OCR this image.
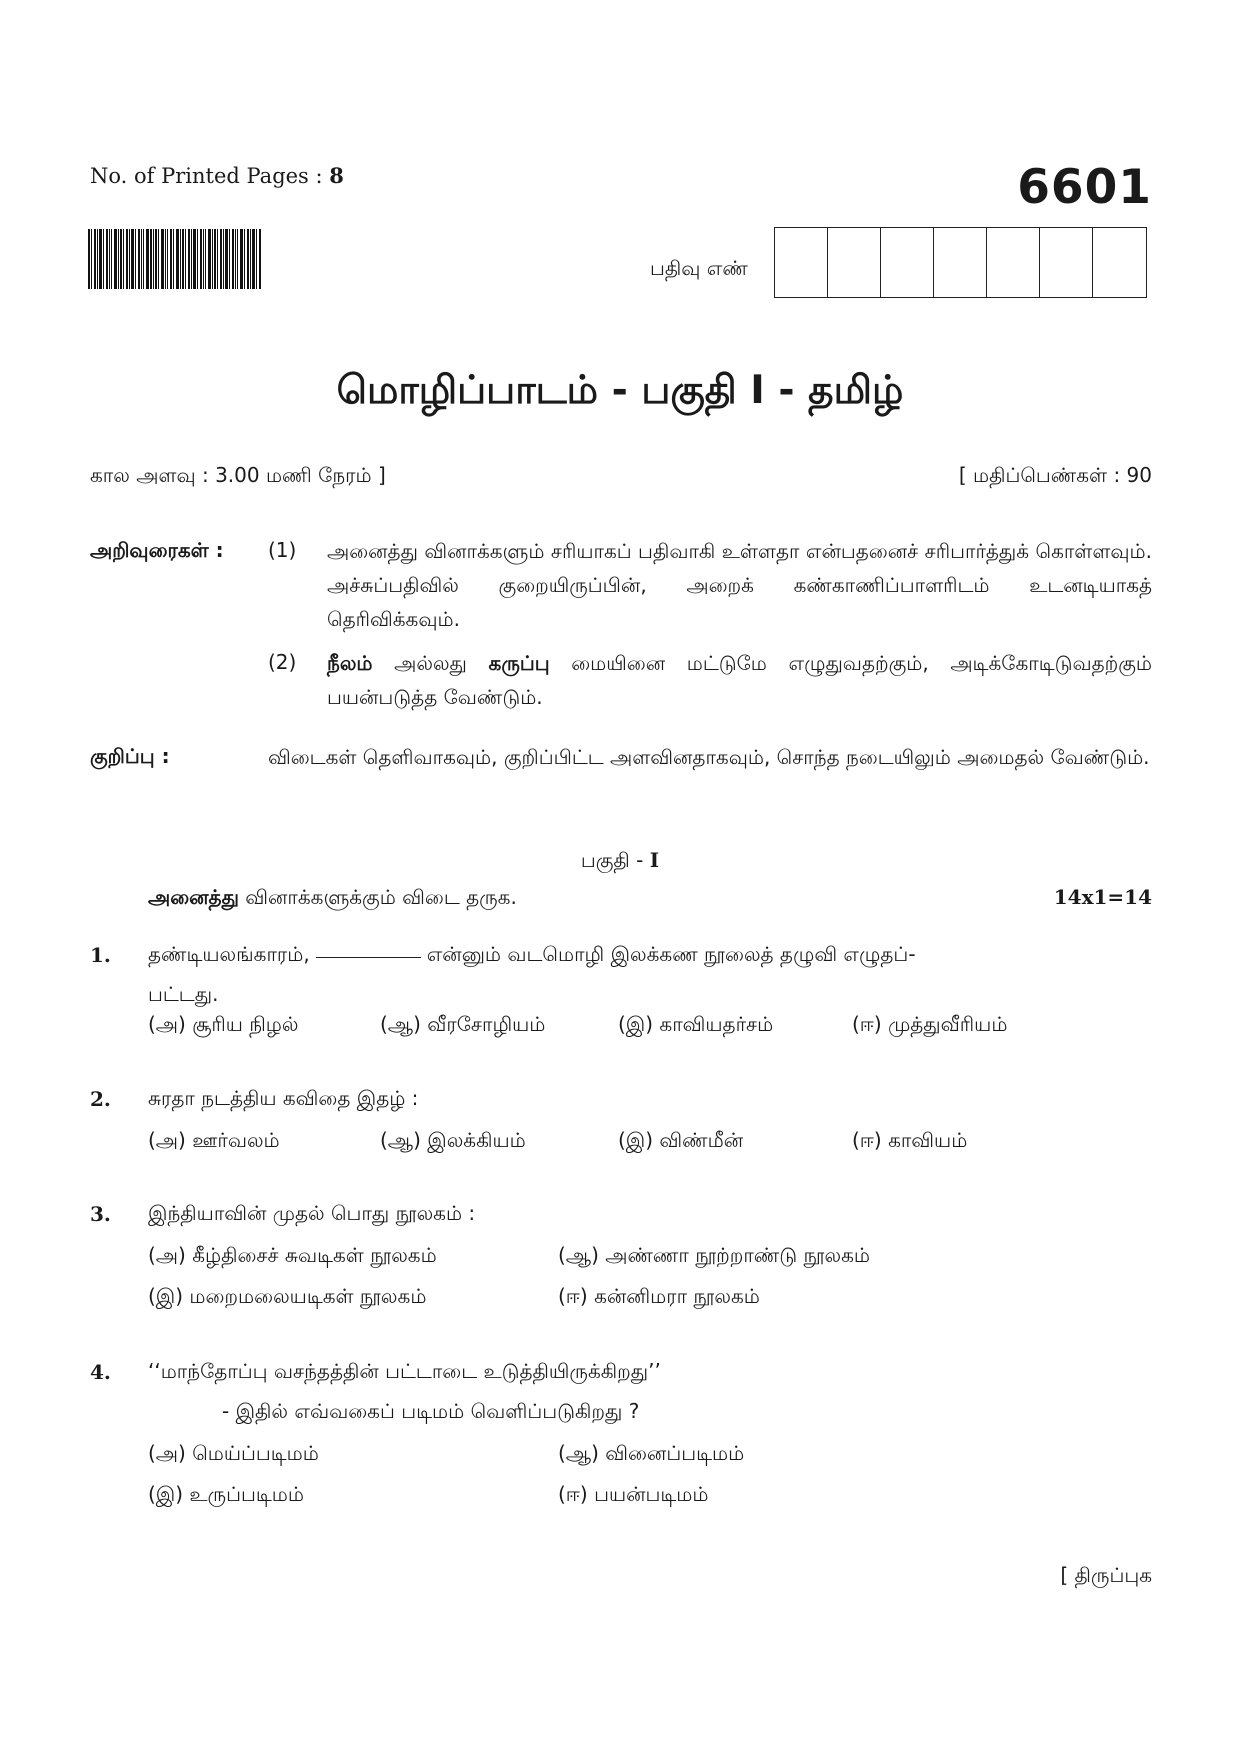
No. of Printed Pages : 8	6601
பதிவு எண்
மொழிப்பாடம் - பகுதி I - தமிழ்
கால அளவு : 3.00 மணி நேரம் ]	[ மதிப்பெண்கள் : 90
அறிவுரைகள் : (1) அனைத்து வினாக்களும் சரியாகப் பதிவாகி உள்ளதா என்பதனைச் சரிபார்த்துக் கொள்ளவும். அச்சுப்பதிவில் குறையிருப்பின், அறைக் கண்காணிப்பாளரிடம் உடனடியாகத் தெரிவிக்கவும்.
(2) நீலம் அல்லது கருப்பு மையினை மட்டுமே எழுதுவதற்கும், அடிக்கோடிடுவதற்கும் பயன்படுத்த வேண்டும்.
குறிப்பு :	விடைகள் தெளிவாகவும், குறிப்பிட்ட அளவினதாகவும், சொந்த நடையிலும் அமைதல் வேண்டும்.
பகுதி - I
அனைத்து வினாக்களுக்கும் விடை தருக.	14x1=14
1. தண்டியலங்காரம்,	என்னும் வடமொழி இலக்கண நூலைத் தழுவி எழுதப்-
பட்டது.
(அ) சூரிய நிழல்	(ஆ) வீரசோழியம்	(இ) காவியதர்சம்	(ஈ) முத்துவீரியம்
2. சுரதா நடத்திய கவிதை இதழ் :
(அ) ஊர்வலம்	(ஆ) இலக்கியம்	(இ) விண்மீன்	(ஈ) காவியம்
3. இந்தியாவின் முதல் பொது நூலகம் :
(அ) கீழ்திசைச் சுவடிகள் நூலகம்	(ஆ) அண்ணா நூற்றாண்டு நூலகம்
(இ) மறைமலையடிகள் நூலகம்	(ஈ) கன்னிமரா நூலகம்
4. ‘‘மாந்தோப்பு வசந்தத்தின் பட்டாடை உடுத்தியிருக்கிறது’’
- இதில் எவ்வகைப் படிமம் வெளிப்படுகிறது ?
(அ) மெய்ப்படிமம்	(ஆ) வினைப்படிமம்
(இ) உருப்படிமம்	(ஈ) பயன்படிமம்
[ திருப்புக
